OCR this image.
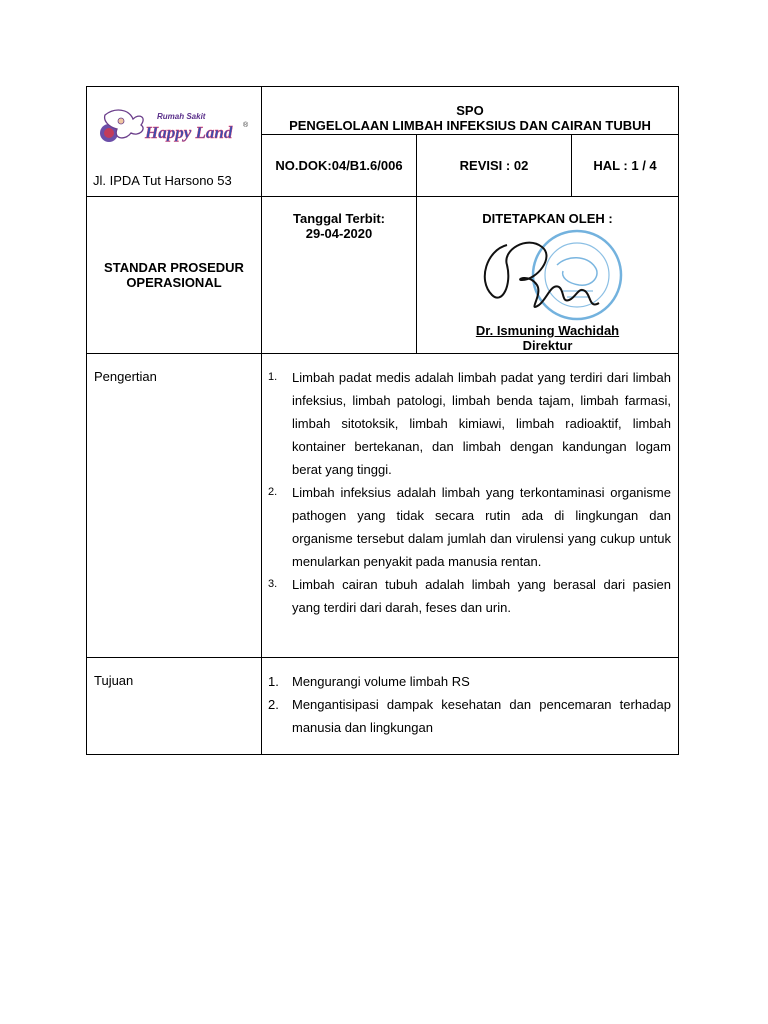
Rumah Sakit
Happy Land ®
Jl. IPDA Tut Harsono 53
SPO
PENGELOLAAN LIMBAH INFEKSIUS DAN CAIRAN TUBUH
NO.DOK:04/B1.6/006	REVISI : 02	HAL : 1 / 4
STANDAR PROSEDUR
OPERASIONAL
Tanggal Terbit:
29-04-2020
DITETAPKAN OLEH :
Dr. Ismuning Wachidah
Direktur
Pengertian	1.	Limbah padat medis adalah limbah padat yang terdiri dari limbah infeksius, limbah patologi, limbah benda tajam, limbah farmasi, limbah sitotoksik, limbah kimiawi, limbah radioaktif, limbah kontainer bertekanan, dan limbah dengan kandungan logam berat yang tinggi.
2.	Limbah infeksius adalah limbah yang terkontaminasi organisme pathogen yang tidak secara rutin ada di lingkungan dan organisme tersebut dalam jumlah dan virulensi yang cukup untuk menularkan penyakit pada manusia rentan.
3.	Limbah cairan tubuh adalah limbah yang berasal dari pasien yang terdiri dari darah, feses dan urin.
Tujuan	1.	Mengurangi volume limbah RS
2.	Mengantisipasi dampak kesehatan dan pencemaran terhadap manusia dan lingkungan
